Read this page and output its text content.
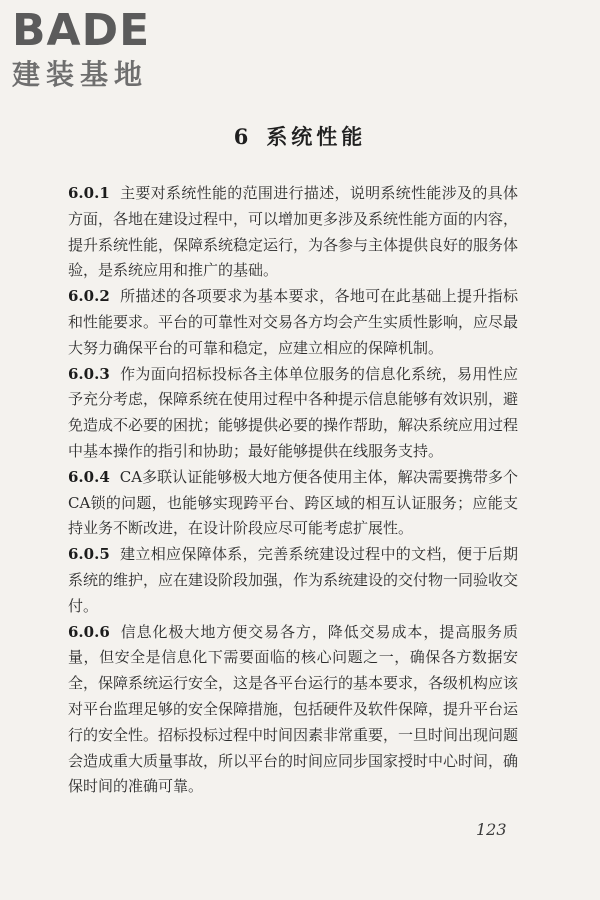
BADE
建装基地
6 系统性能

6.0.1 主要对系统性能的范围进行描述，说明系统性能涉及的具体方面，各地在建设过程中，可以增加更多涉及系统性能方面的内容，提升系统性能，保障系统稳定运行，为各参与主体提供良好的服务体验，是系统应用和推广的基础。

6.0.2 所描述的各项要求为基本要求，各地可在此基础上提升指标和性能要求。平台的可靠性对交易各方均会产生实质性影响，应尽最大努力确保平台的可靠和稳定，应建立相应的保障机制。

6.0.3 作为面向招标投标各主体单位服务的信息化系统，易用性应予充分考虑，保障系统在使用过程中各种提示信息能够有效识别，避免造成不必要的困扰；能够提供必要的操作帮助，解决系统应用过程中基本操作的指引和协助；最好能够提供在线服务支持。

6.0.4 CA多联认证能够极大地方便各使用主体，解决需要携带多个CA锁的问题，也能够实现跨平台、跨区域的相互认证服务；应能支持业务不断改进，在设计阶段应尽可能考虑扩展性。

6.0.5 建立相应保障体系，完善系统建设过程中的文档，便于后期系统的维护，应在建设阶段加强，作为系统建设的交付物一同验收交付。

6.0.6 信息化极大地方便交易各方，降低交易成本，提高服务质量，但安全是信息化下需要面临的核心问题之一，确保各方数据安全，保障系统运行安全，这是各平台运行的基本要求，各级机构应该对平台监理足够的安全保障措施，包括硬件及软件保障，提升平台运行的安全性。招标投标过程中时间因素非常重要，一旦时间出现问题会造成重大质量事故，所以平台的时间应同步国家授时中心时间，确保时间的准确可靠。

123
